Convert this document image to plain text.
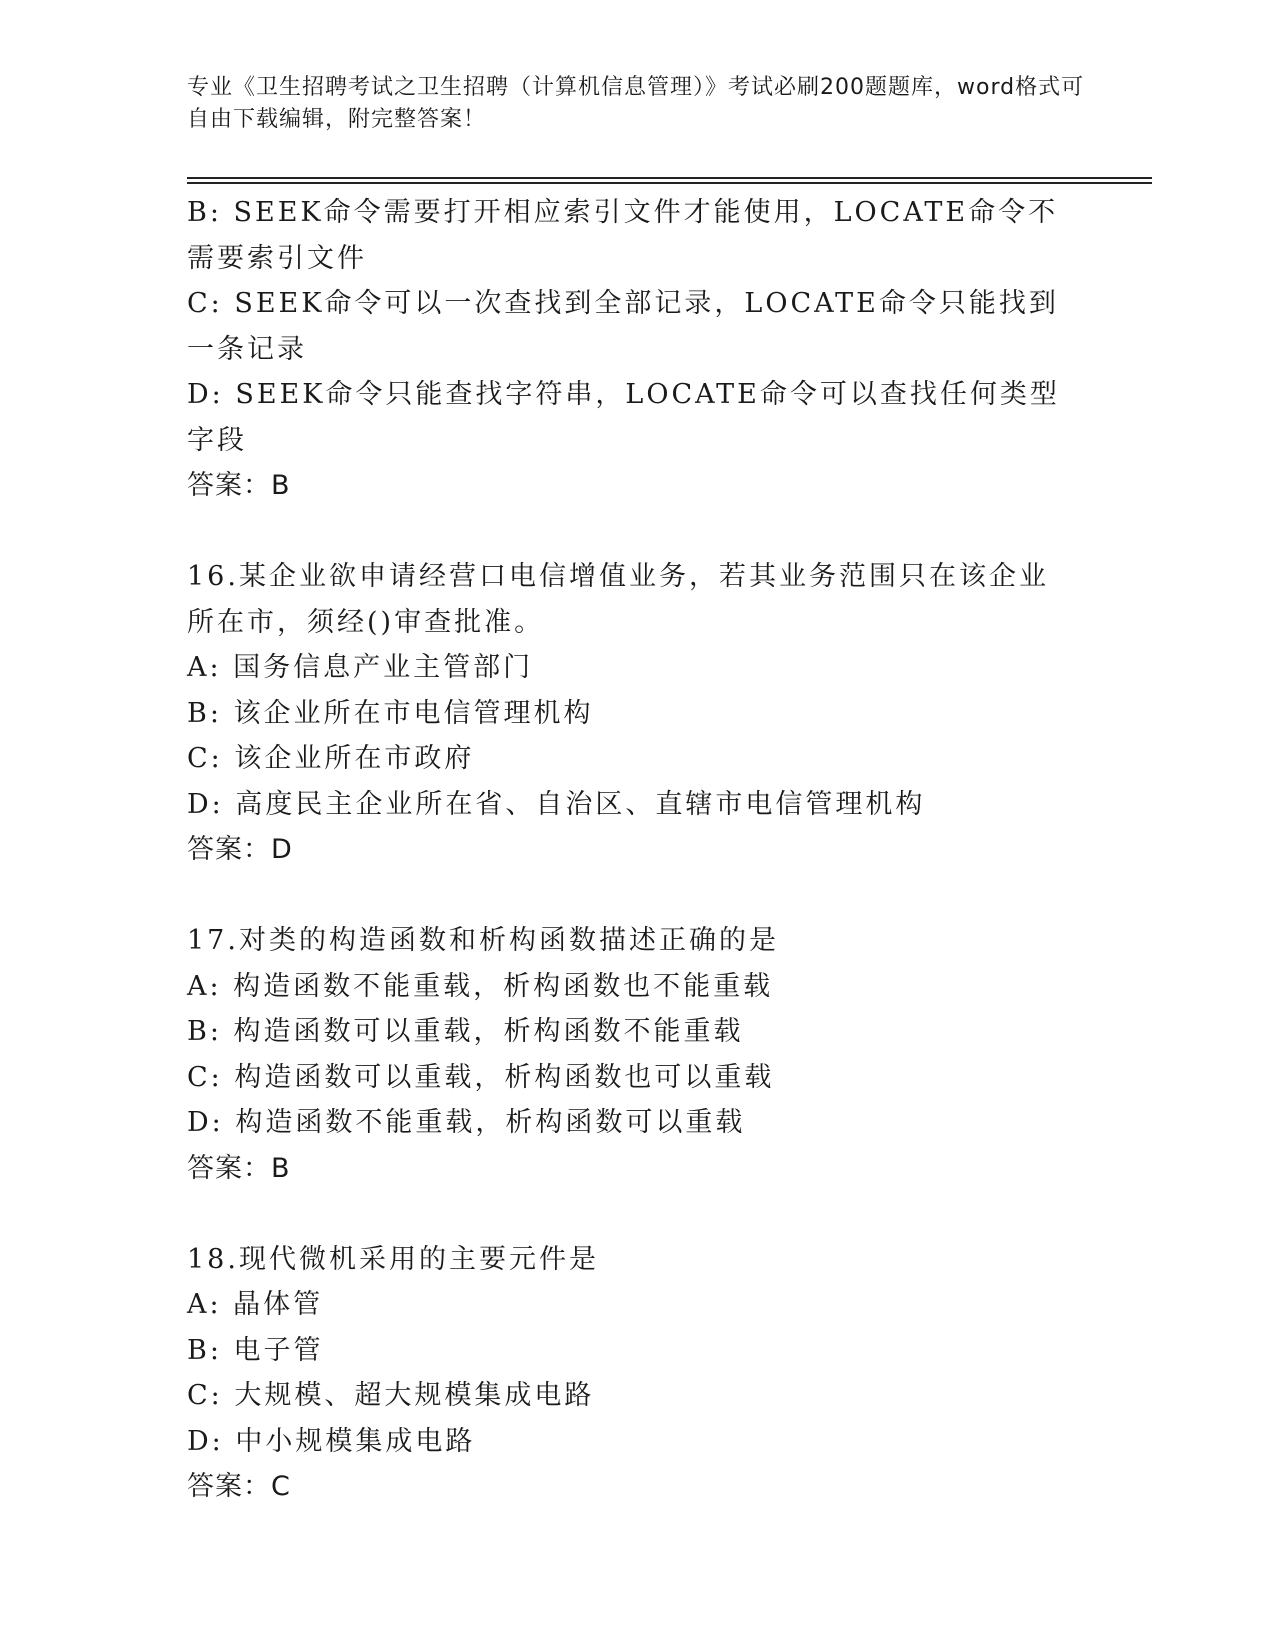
专业《卫生招聘考试之卫生招聘（计算机信息管理）》考试必刷200题题库，word格式可自由下载编辑，附完整答案！
B: SEEK命令需要打开相应索引文件才能使用，LOCATE命令不需要索引文件
C: SEEK命令可以一次查找到全部记录，LOCATE命令只能找到一条记录
D: SEEK命令只能查找字符串，LOCATE命令可以查找任何类型字段
答案：B
16.某企业欲申请经营口电信增值业务，若其业务范围只在该企业所在市，须经()审查批准。
A: 国务信息产业主管部门
B: 该企业所在市电信管理机构
C: 该企业所在市政府
D: 高度民主企业所在省、自治区、直辖市电信管理机构
答案：D
17.对类的构造函数和析构函数描述正确的是
A: 构造函数不能重载，析构函数也不能重载
B: 构造函数可以重载，析构函数不能重载
C: 构造函数可以重载，析构函数也可以重载
D: 构造函数不能重载，析构函数可以重载
答案：B
18.现代微机采用的主要元件是
A: 晶体管
B: 电子管
C: 大规模、超大规模集成电路
D: 中小规模集成电路
答案：C
